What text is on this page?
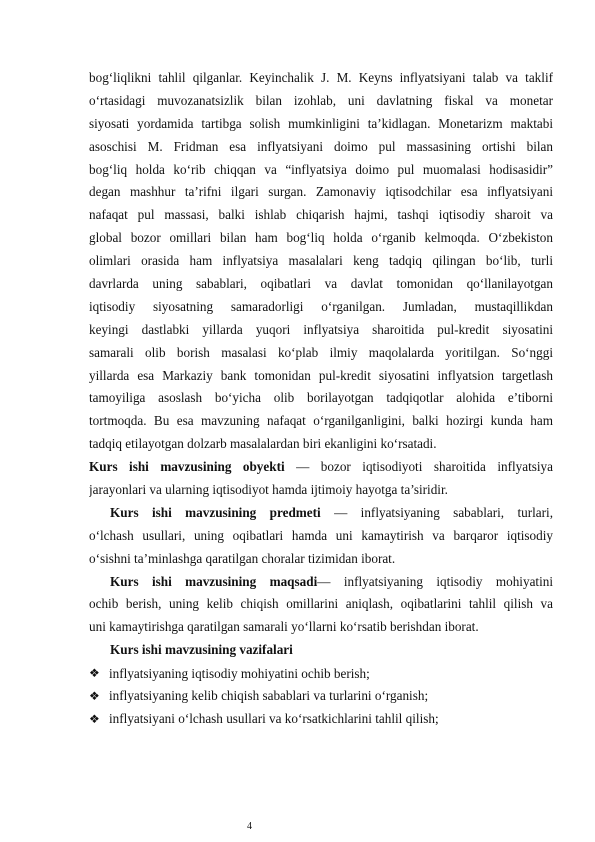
bog‘liqlikni tahlil qilganlar. Keyinchalik J. M. Keyns inflyatsiyani talab va taklif
o‘rtasidagi muvozanatsizlik bilan izohlab, uni davlatning fiskal va monetar
siyosati yordamida tartibga solish mumkinligini ta’kidlagan. Monetarizm maktabi
asoschisi M. Fridman esa inflyatsiyani doimo pul massasining ortishi bilan
bog‘liq holda ko‘rib chiqqan va “inflyatsiya doimo pul muomalasi hodisasidir”
degan mashhur ta’rifni ilgari surgan. Zamonaviy iqtisodchilar esa inflyatsiyani
nafaqat pul massasi, balki ishlab chiqarish hajmi, tashqi iqtisodiy sharoit va
global bozor omillari bilan ham bog‘liq holda o‘rganib kelmoqda. O‘zbekiston
olimlari orasida ham inflyatsiya masalalari keng tadqiq qilingan bo‘lib, turli
davrlarda uning sabablari, oqibatlari va davlat tomonidan qo‘llanilayotgan
iqtisodiy siyosatning samaradorligi o‘rganilgan. Jumladan, mustaqillikdan
keyingi dastlabki yillarda yuqori inflyatsiya sharoitida pul-kredit siyosatini
samarali olib borish masalasi ko‘plab ilmiy maqolalarda yoritilgan. So‘nggi
yillarda esa Markaziy bank tomonidan pul-kredit siyosatini inflyatsion targetlash
tamoyiliga asoslash bo‘yicha olib borilayotgan tadqiqotlar alohida e’tiborni
tortmoqda. Bu esa mavzuning nafaqat o‘rganilganligini, balki hozirgi kunda ham
tadqiq etilayotgan dolzarb masalalardan biri ekanligini ko‘rsatadi.
Kurs ishi mavzusining obyekti — bozor iqtisodiyoti sharoitida inflyatsiya
jarayonlari va ularning iqtisodiyot hamda ijtimoiy hayotga ta’siridir.
Kurs ishi mavzusining predmeti — inflyatsiyaning sabablari, turlari,
o‘lchash usullari, uning oqibatlari hamda uni kamaytirish va barqaror iqtisodiy
o‘sishni ta’minlashga qaratilgan choralar tizimidan iborat.
Kurs ishi mavzusining maqsadi— inflyatsiyaning iqtisodiy mohiyatini
ochib berish, uning kelib chiqish omillarini aniqlash, oqibatlarini tahlil qilish va
uni kamaytirishga qaratilgan samarali yo‘llarni ko‘rsatib berishdan iborat.
Kurs ishi mavzusining vazifalari
❖ inflyatsiyaning iqtisodiy mohiyatini ochib berish;
❖ inflyatsiyaning kelib chiqish sabablari va turlarini o‘rganish;
❖ inflyatsiyani o‘lchash usullari va ko‘rsatkichlarini tahlil qilish;
4
